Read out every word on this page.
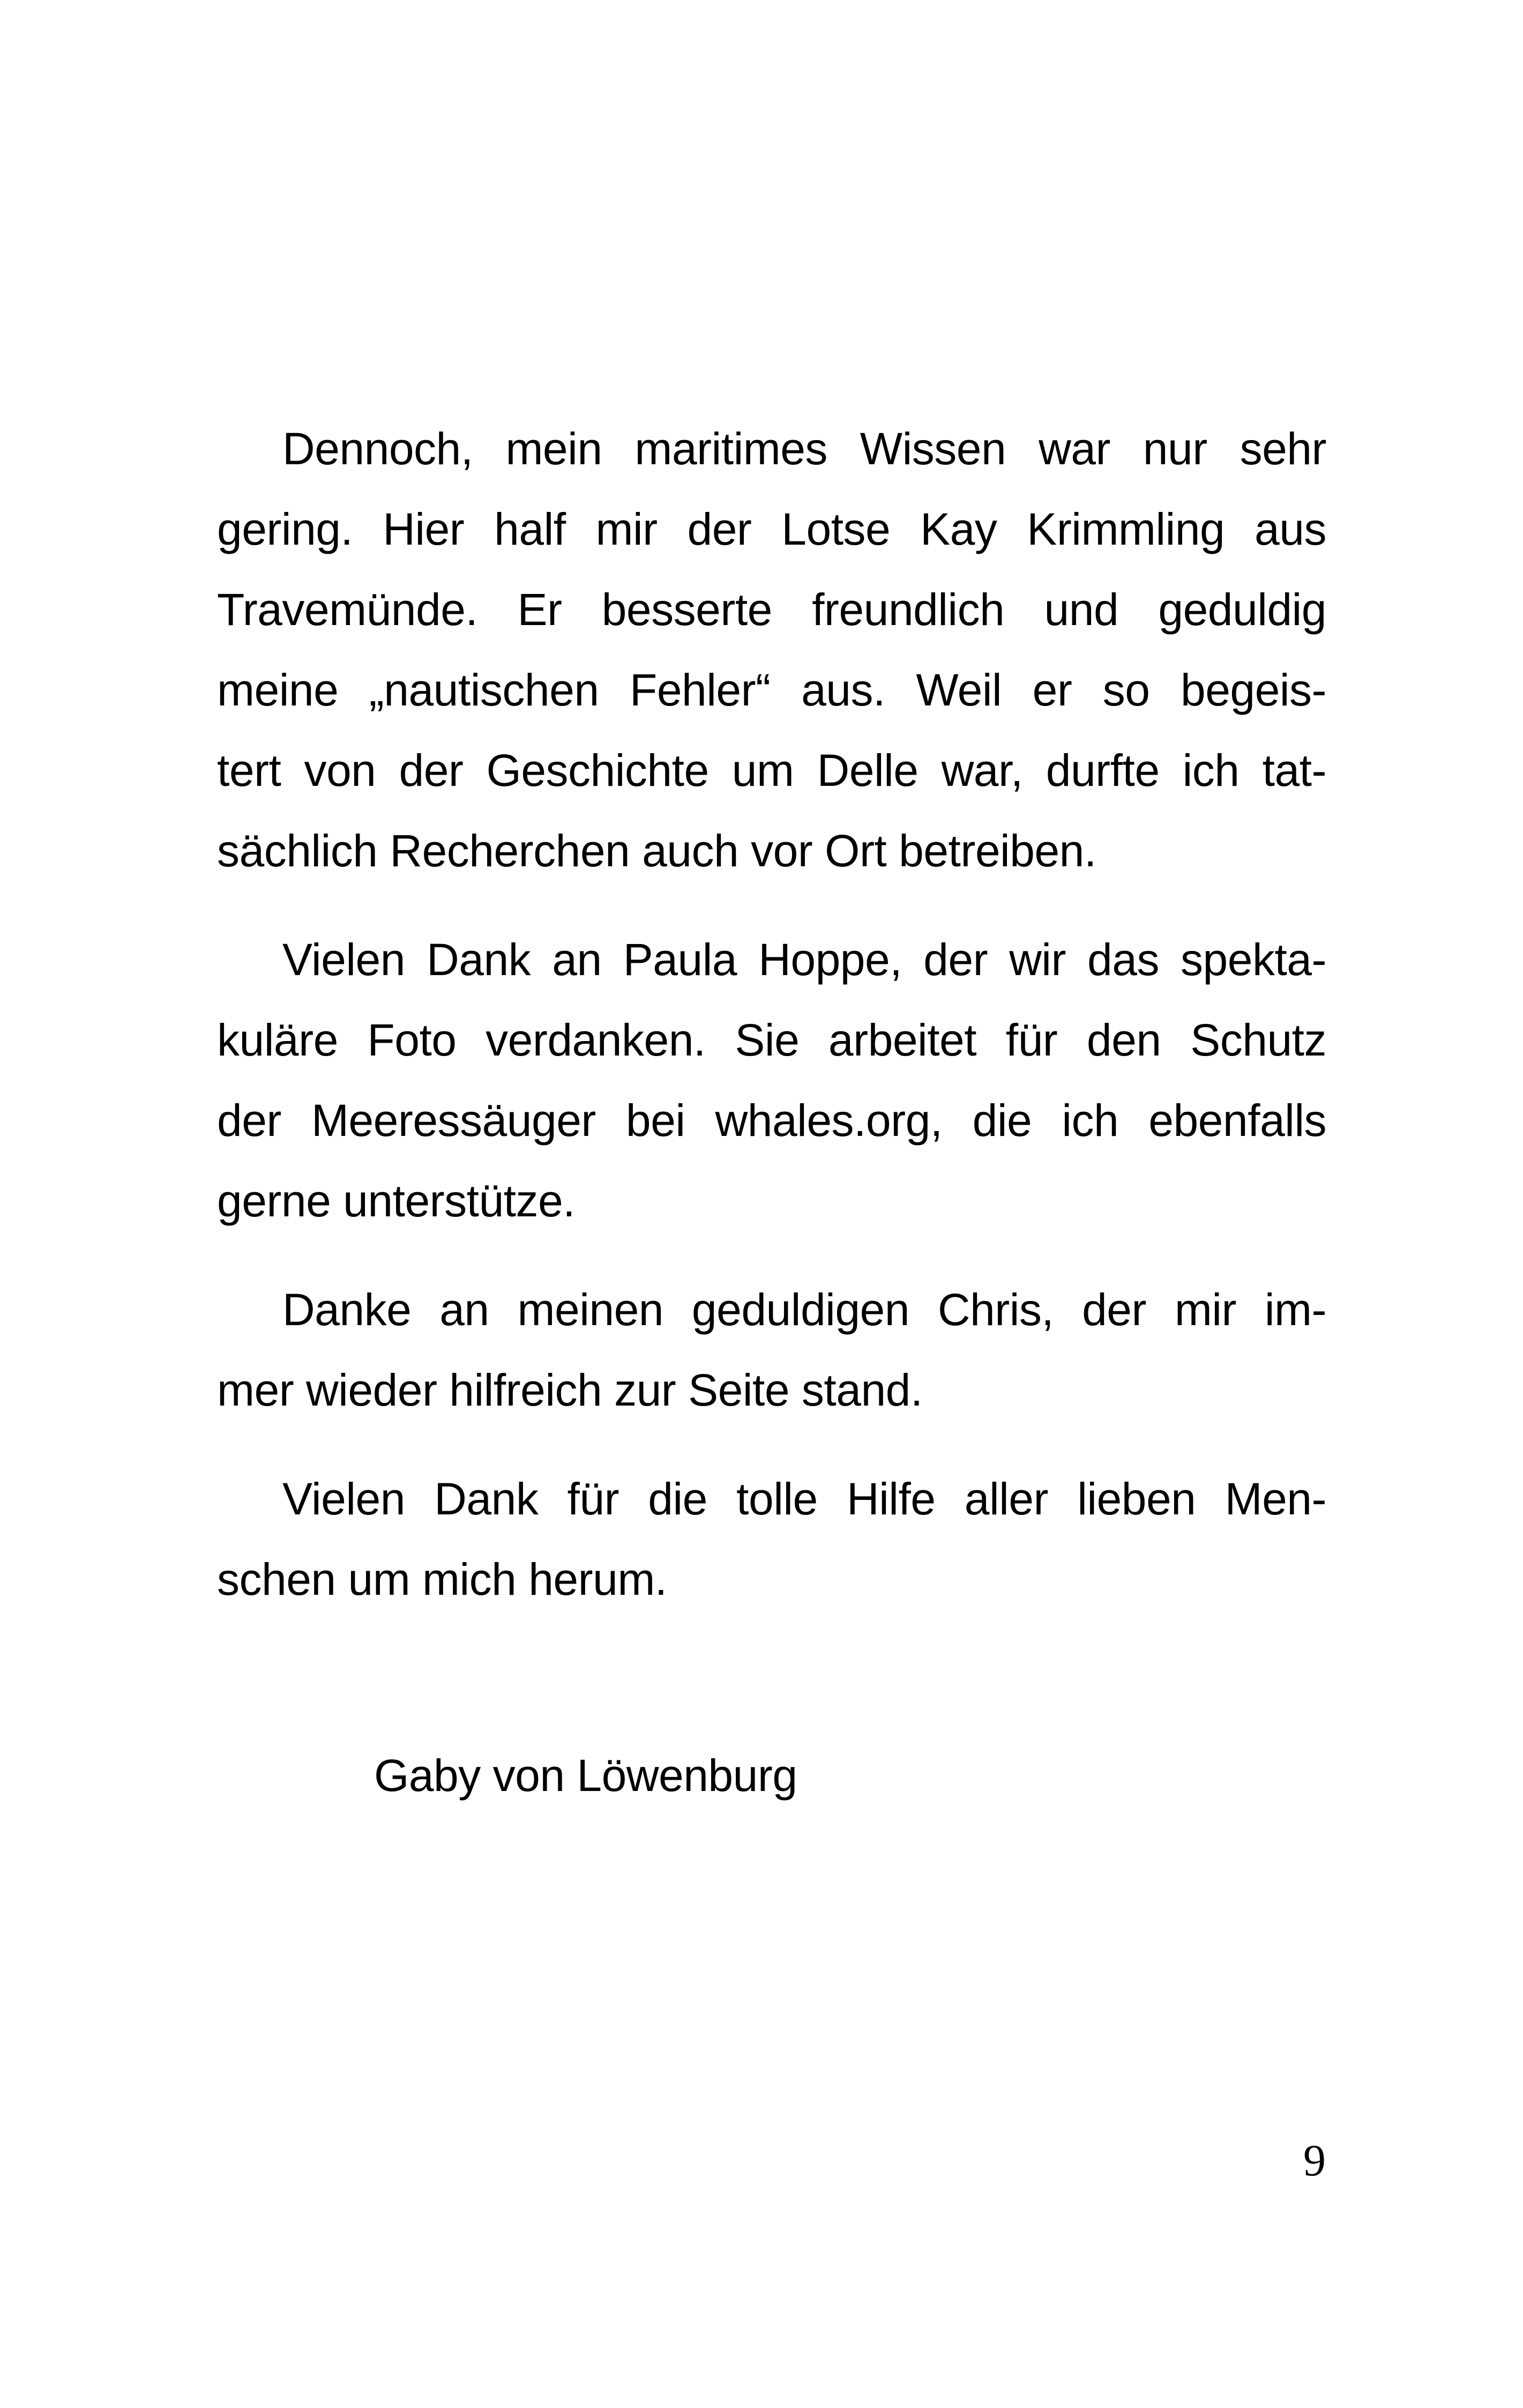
Dennoch, mein maritimes Wissen war nur sehr
gering. Hier half mir der Lotse Kay Krimmling aus
Travemünde. Er besserte freundlich und geduldig
meine „nautischen Fehler“ aus. Weil er so begeis-
tert von der Geschichte um Delle war, durfte ich tat-
sächlich Recherchen auch vor Ort betreiben.
Vielen Dank an Paula Hoppe, der wir das spekta-
kuläre Foto verdanken. Sie arbeitet für den Schutz
der Meeressäuger bei whales.org, die ich ebenfalls
gerne unterstütze.
Danke an meinen geduldigen Chris, der mir im-
mer wieder hilfreich zur Seite stand.
Vielen Dank für die tolle Hilfe aller lieben Men-
schen um mich herum.
Gaby von Löwenburg
9
